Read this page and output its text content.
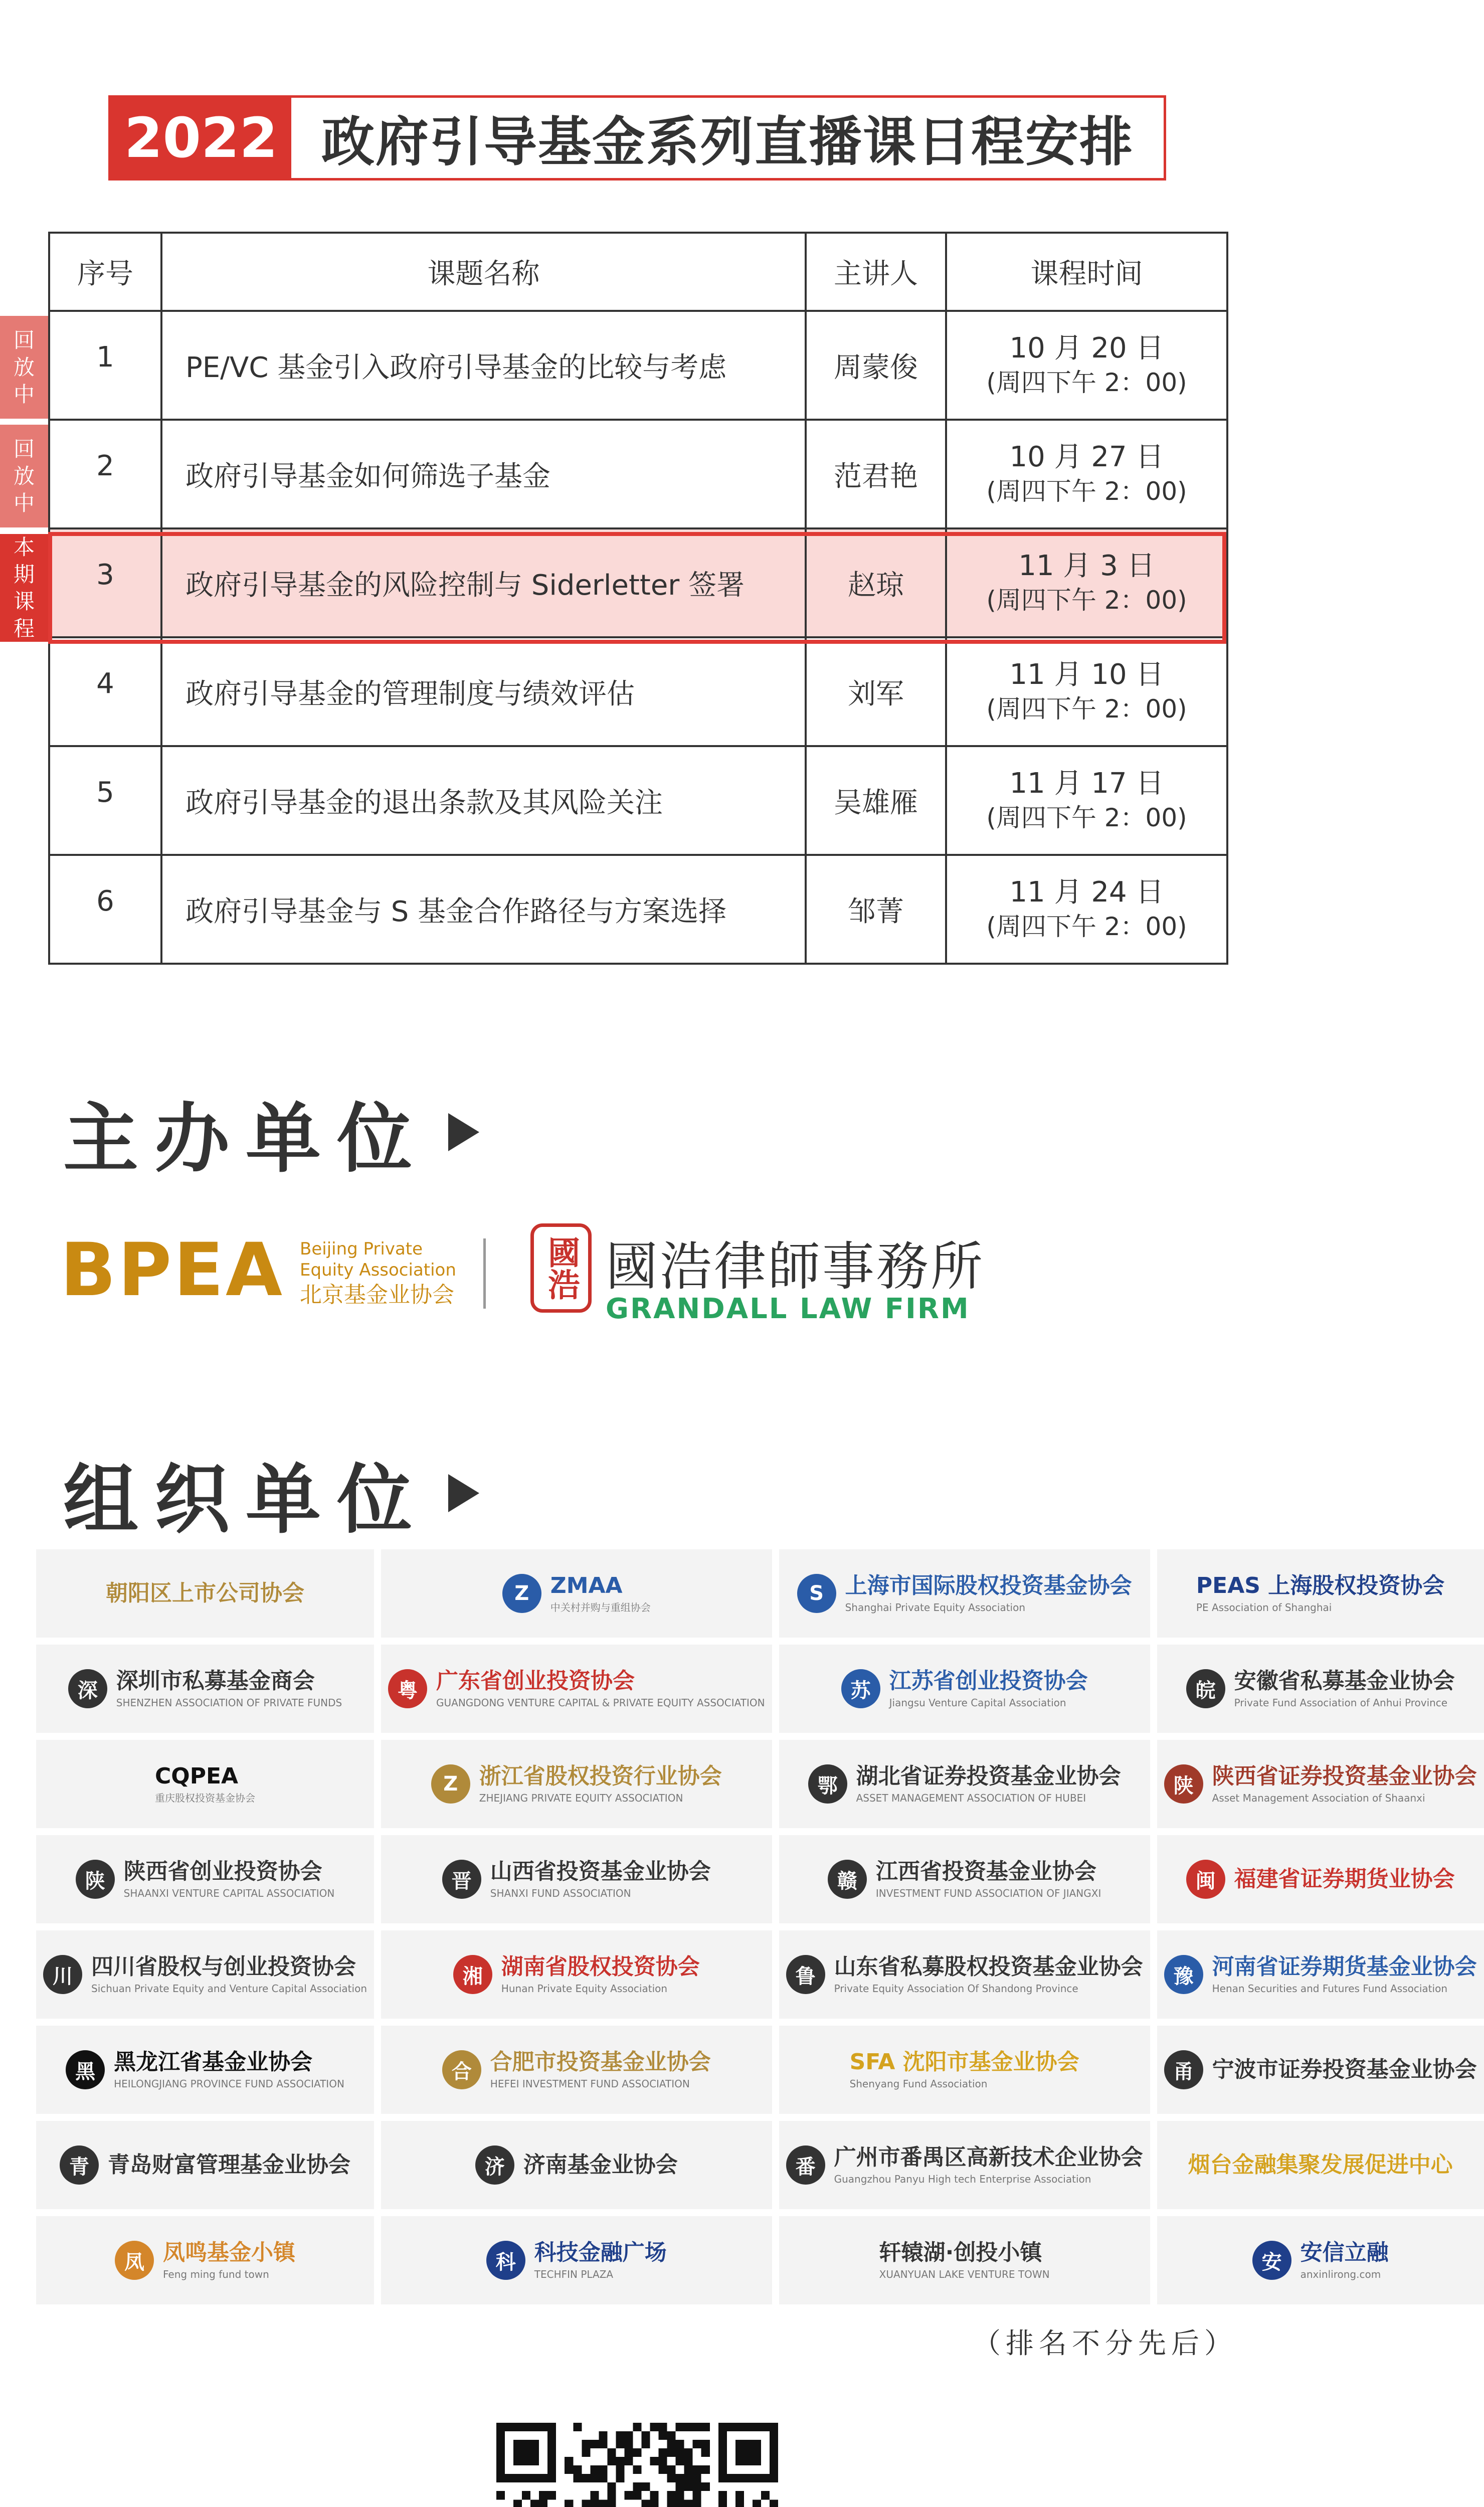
2022 政府引导基金系列直播课日程安排
序号	课题名称	主讲人	课程时间
1	PE/VC 基金引入政府引导基金的比较与考虑	周蒙俊	10 月 20 日
(周四下午 2：00)

2	政府引导基金如何筛选子基金	范君艳	10 月 27 日
(周四下午 2：00)

3	政府引导基金的风险控制与 Siderletter 签署	赵琼	11 月 3 日
(周四下午 2：00)

4	政府引导基金的管理制度与绩效评估	刘军	11 月 10 日
(周四下午 2：00)

5	政府引导基金的退出条款及其风险关注	吴雄雁	11 月 17 日
(周四下午 2：00)

6	政府引导基金与 S 基金合作路径与方案选择	邹菁	11 月 24 日
(周四下午 2：00)
回
放
中
回
放
中
本
期
课
程
主办单位
BPEA Beijing Private
Equity Association
北京基金业协会	國浩 國浩律師事務所
GRANDALL LAW FIRM
组织单位
朝阳区上市公司协会	Z ZMAA
中关村并购与重组协会
S 上海市国际股权投资基金协会
Shanghai Private Equity Association
PEAS 上海股权投资协会
PE Association of Shanghai
深 深圳市私募基金商会
SHENZHEN ASSOCIATION OF PRIVATE FUNDS
粤 广东省创业投资协会
GUANGDONG VENTURE CAPITAL & PRIVATE EQUITY ASSOCIATION
苏 江苏省创业投资协会
Jiangsu Venture Capital Association
皖 安徽省私募基金业协会
Private Fund Association of Anhui Province
CQPEA
重庆股权投资基金协会
Z 浙江省股权投资行业协会
ZHEJIANG PRIVATE EQUITY ASSOCIATION
鄂 湖北省证券投资基金业协会
ASSET MANAGEMENT ASSOCIATION OF HUBEI
陕 陕西省证券投资基金业协会
Asset Management Association of Shaanxi
陕 陕西省创业投资协会
SHAANXI VENTURE CAPITAL ASSOCIATION
晋 山西省投资基金业协会
SHANXI FUND ASSOCIATION
赣 江西省投资基金业协会
INVESTMENT FUND ASSOCIATION OF JIANGXI
闽 福建省证券期货业协会
川 四川省股权与创业投资协会
Sichuan Private Equity and Venture Capital Association
湘 湖南省股权投资协会
Hunan Private Equity Association
鲁 山东省私募股权投资基金业协会
Private Equity Association Of Shandong Province
豫 河南省证券期货基金业协会
Henan Securities and Futures Fund Association
黑 黑龙江省基金业协会
HEILONGJIANG PROVINCE FUND ASSOCIATION
合 合肥市投资基金业协会
HEFEI INVESTMENT FUND ASSOCIATION
SFA 沈阳市基金业协会
Shenyang Fund Association
甬 宁波市证券投资基金业协会
青 青岛财富管理基金业协会	济 济南基金业协会	番 广州市番禺区高新技术企业协会
Guangzhou Panyu High tech Enterprise Association
烟台金融集聚发展促进中心
凤 凤鸣基金小镇
Feng ming fund town
科 科技金融广场
TECHFIN PLAZA
轩辕湖·创投小镇
XUANYUAN LAKE VENTURE TOWN
安 安信立融
anxinlirong.com
（排名不分先后）
